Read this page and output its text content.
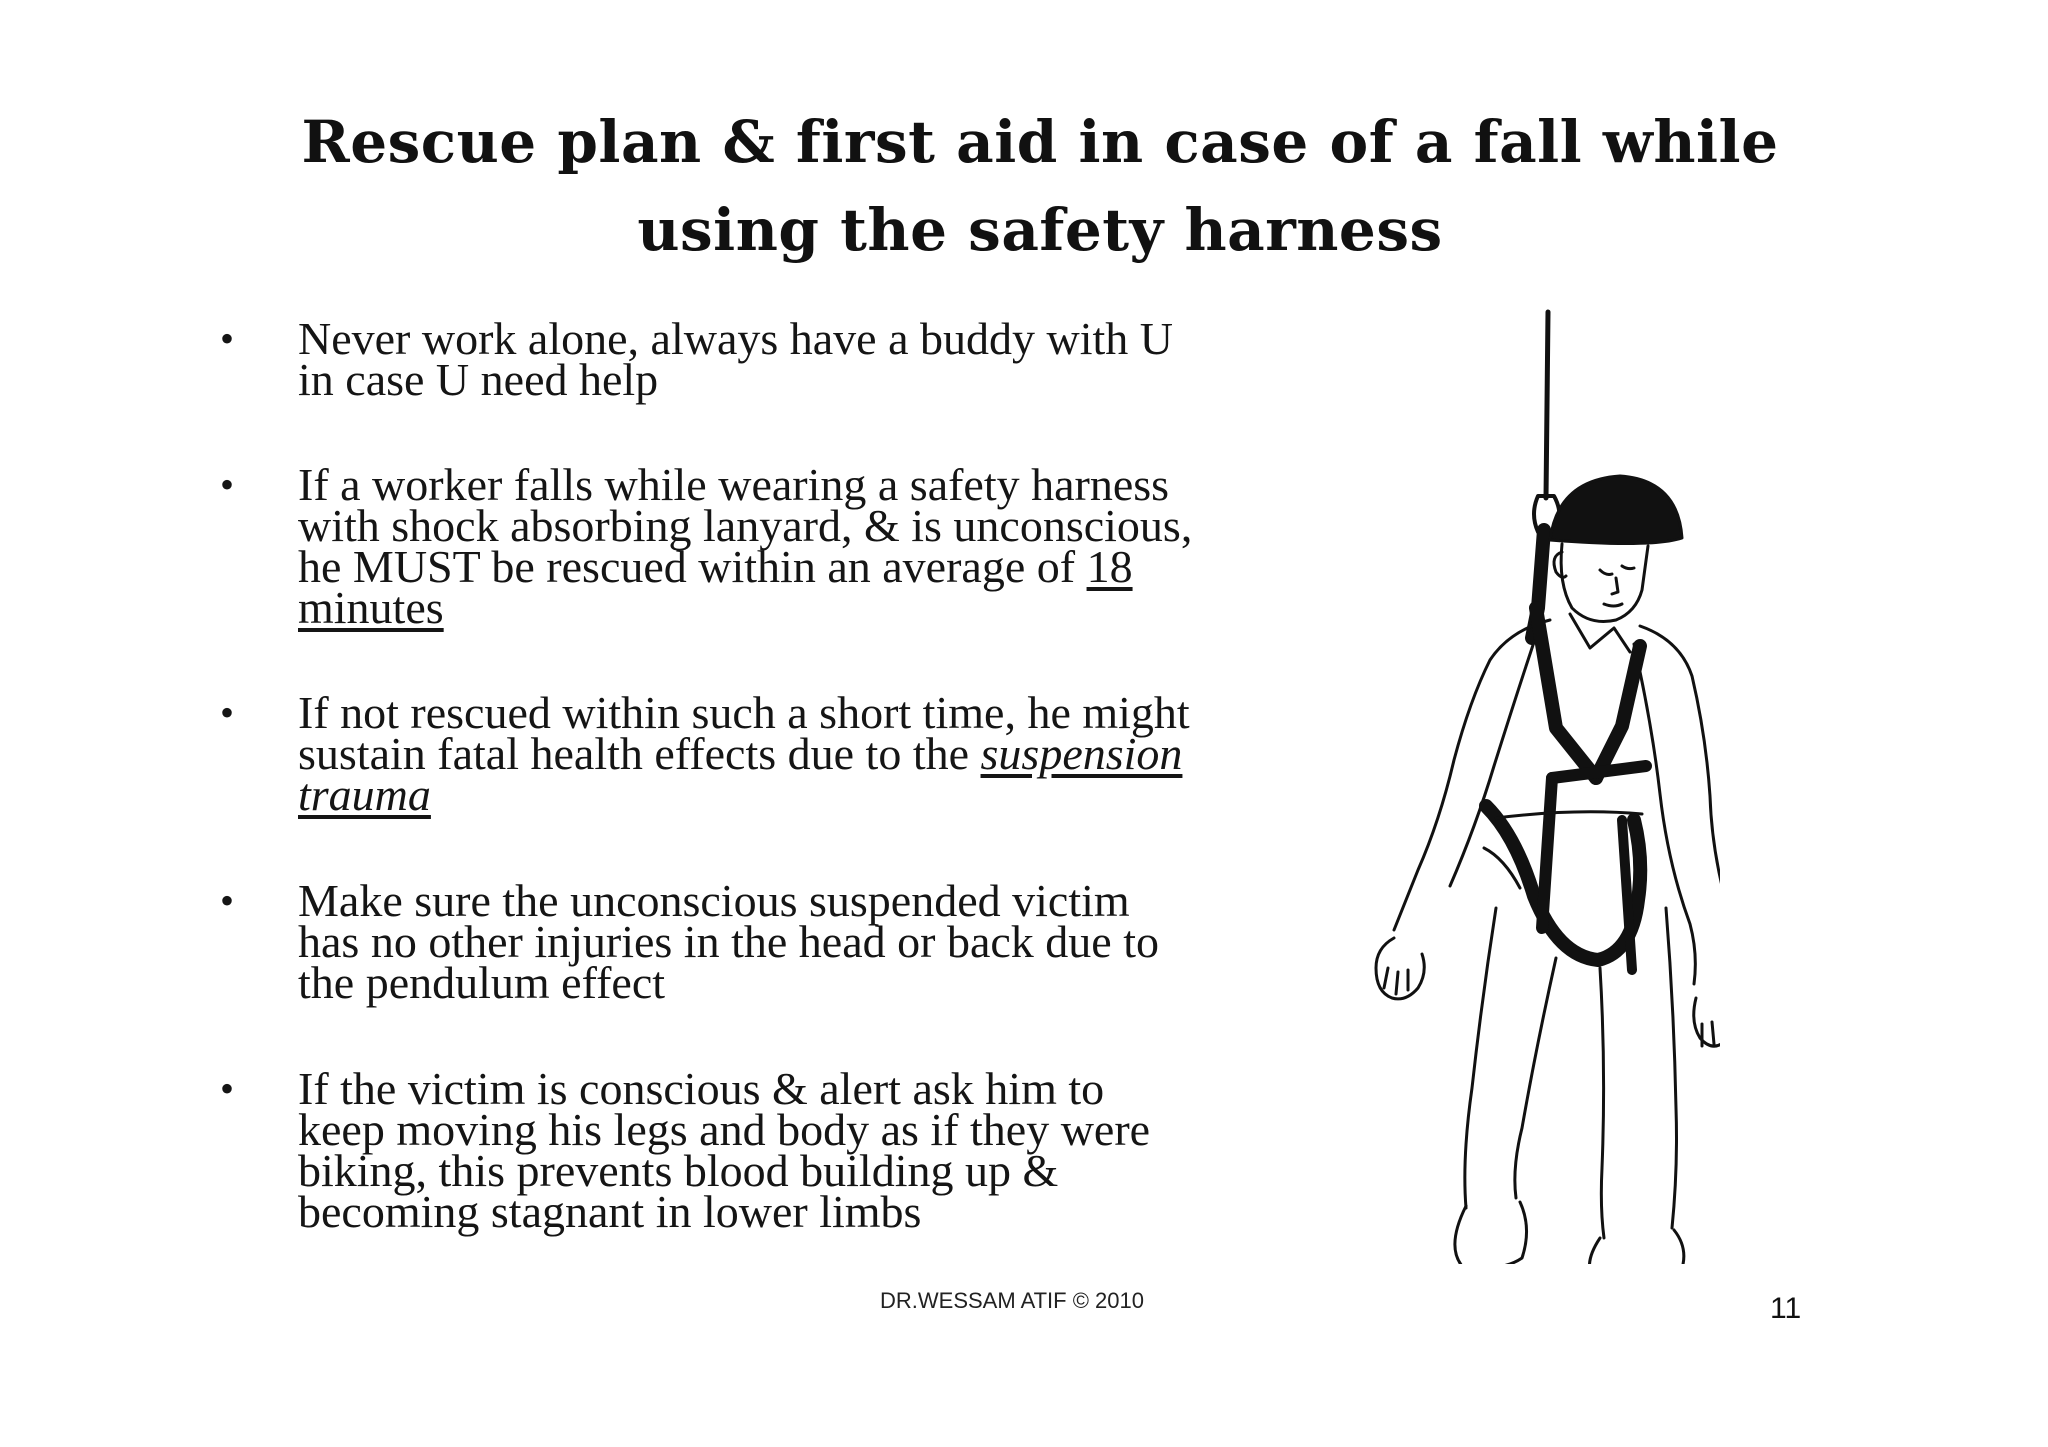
Rescue plan & first aid in case of a fall while
using the safety harness
•	Never work alone, always have a buddy with U in case U need help
•	If a worker falls while wearing a safety harness with shock absorbing lanyard, & is unconscious, he MUST be rescued within an average of 18 minutes
•	If not rescued within such a short time, he might sustain fatal health effects due to the suspension trauma
•	Make sure the unconscious suspended victim has no other injuries in the head or back due to the pendulum effect
•	If the victim is conscious & alert ask him to keep moving his legs and body as if they were biking, this prevents blood building up & becoming stagnant in lower limbs
DR.WESSAM ATIF © 2010	11
